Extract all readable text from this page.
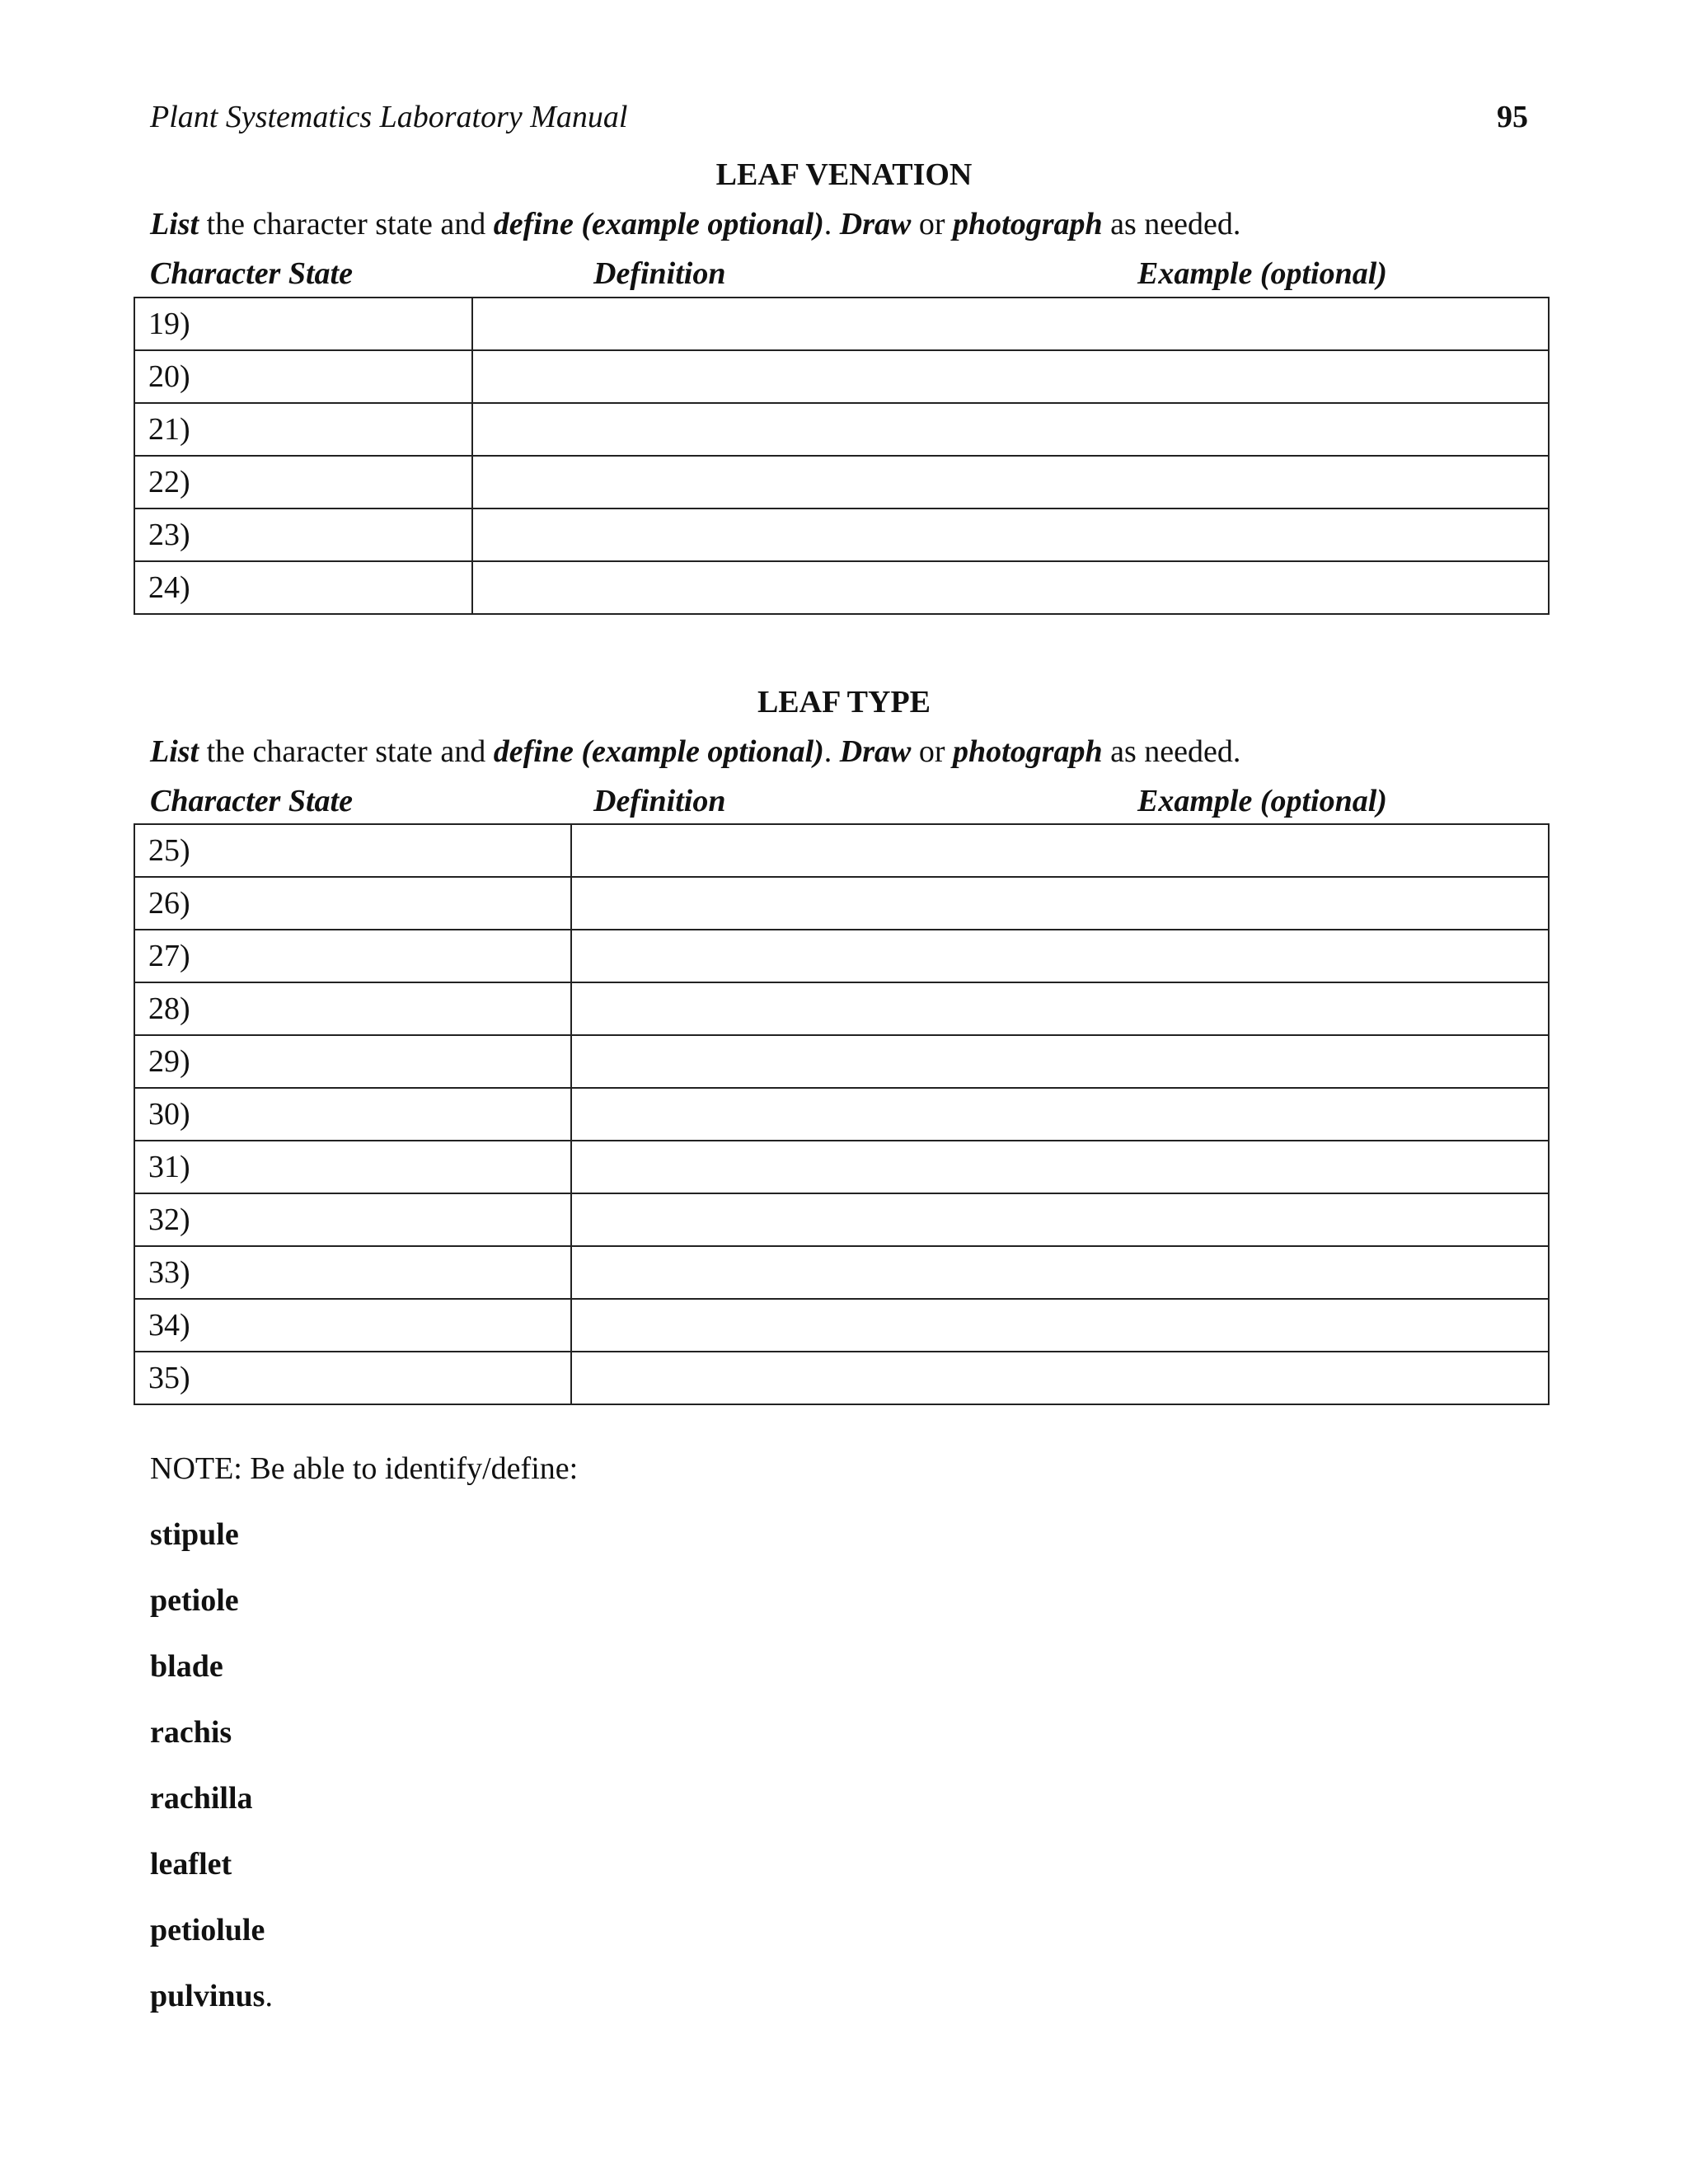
Plant Systematics Laboratory Manual	95
LEAF VENATION
List the character state and define (example optional). Draw or photograph as needed.
Character State	Definition	Example (optional)
19)	
20)	
21)	
22)	
23)	
24)	
LEAF TYPE
List the character state and define (example optional). Draw or photograph as needed.
Character State	Definition	Example (optional)
25)	
26)	
27)	
28)	
29)	
30)	
31)	
32)	
33)	
34)	
35)	
NOTE: Be able to identify/define:
stipule
petiole
blade
rachis
rachilla
leaflet
petiolule
pulvinus.
